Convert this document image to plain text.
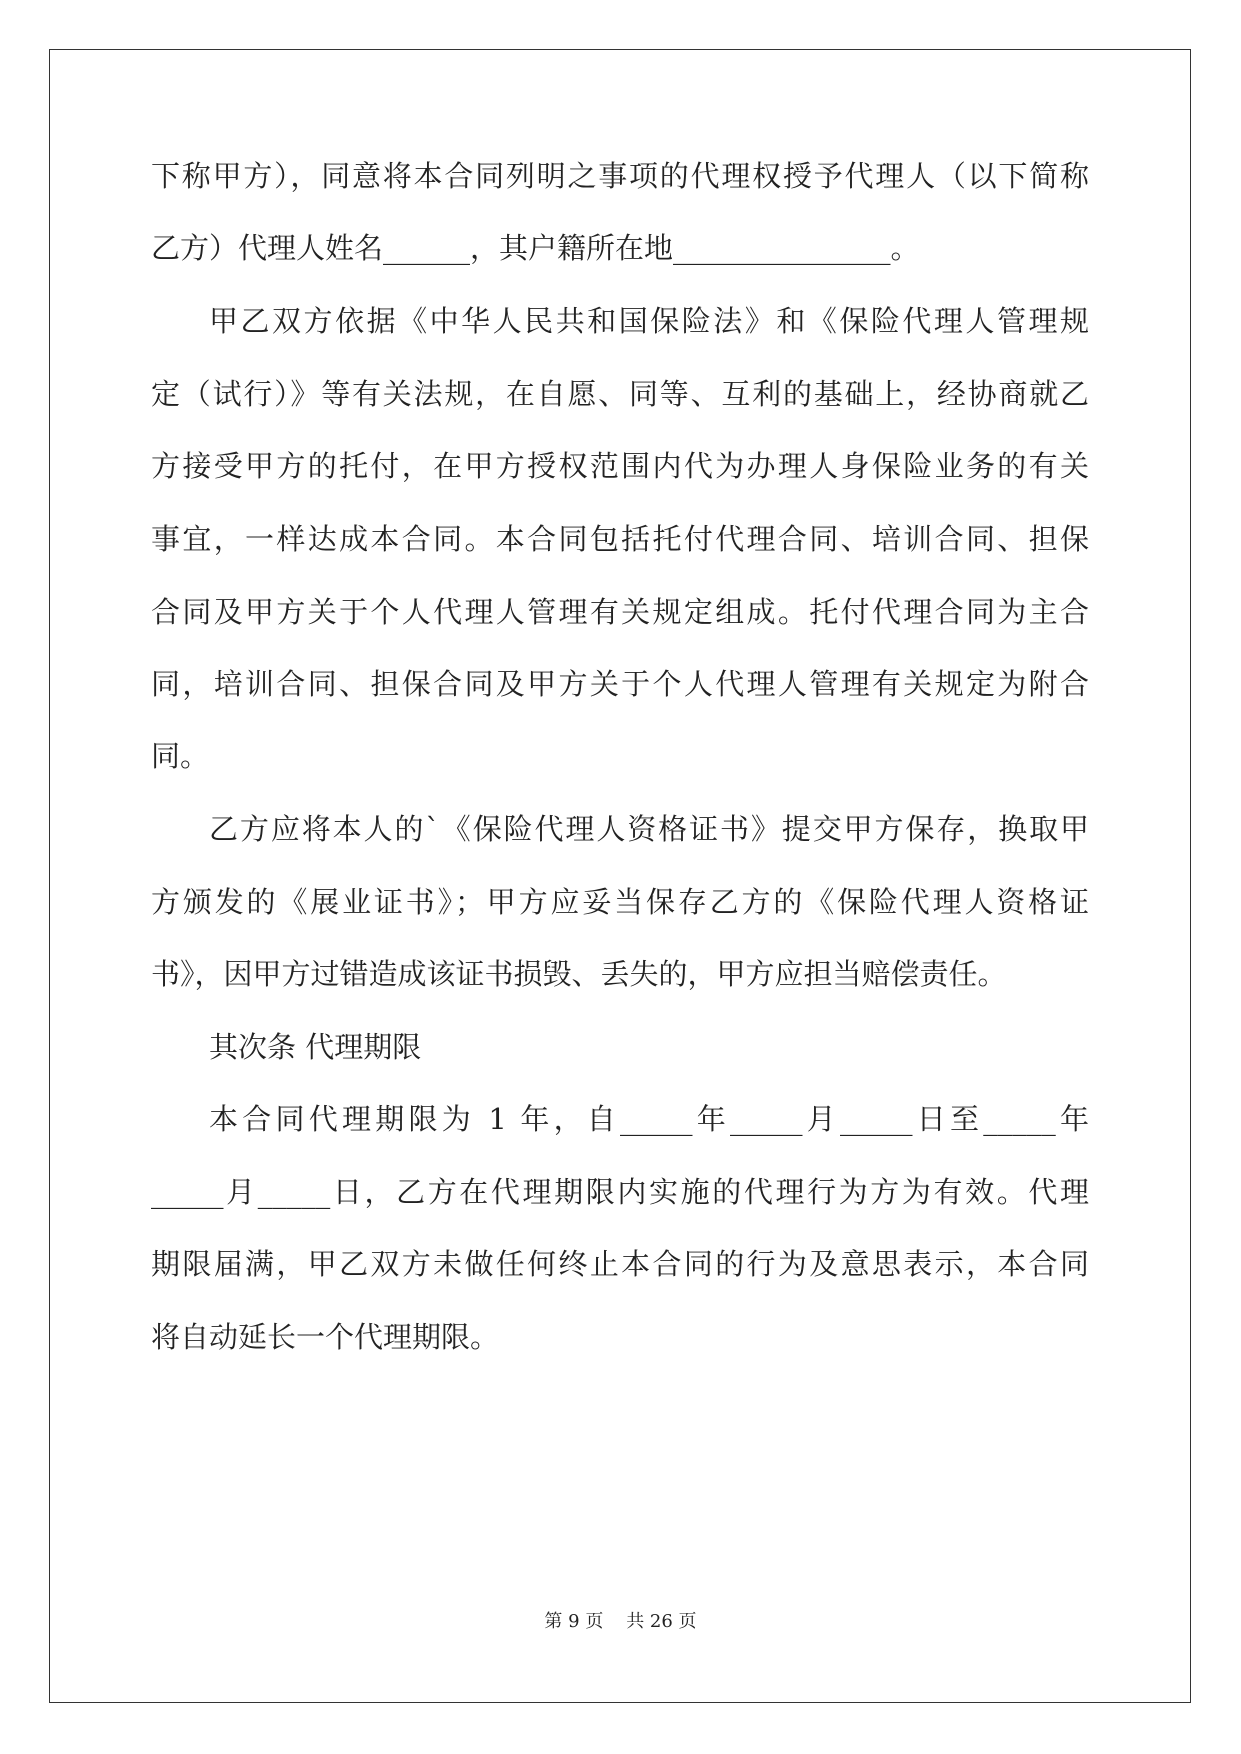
下称甲方），同意将本合同列明之事项的代理权授予代理人（以下简称
乙方）代理人姓名______，其户籍所在地_______________。
甲乙双方依据《中华人民共和国保险法》和《保险代理人管理规
定（试行）》等有关法规，在自愿、同等、互利的基础上，经协商就乙
方接受甲方的托付，在甲方授权范围内代为办理人身保险业务的有关
事宜，一样达成本合同。本合同包括托付代理合同、培训合同、担保
合同及甲方关于个人代理人管理有关规定组成。托付代理合同为主合
同，培训合同、担保合同及甲方关于个人代理人管理有关规定为附合
同。
乙方应将本人的`《保险代理人资格证书》提交甲方保存，换取甲
方颁发的《展业证书》；甲方应妥当保存乙方的《保险代理人资格证
书》，因甲方过错造成该证书损毁、丢失的，甲方应担当赔偿责任。
其次条 代理期限
本合同代理期限为 1 年，自_____年_____月_____日至_____年
_____月_____日，乙方在代理期限内实施的代理行为方为有效。代理
期限届满，甲乙双方未做任何终止本合同的行为及意思表示，本合同
将自动延长一个代理期限。
第 9 页    共 26 页
